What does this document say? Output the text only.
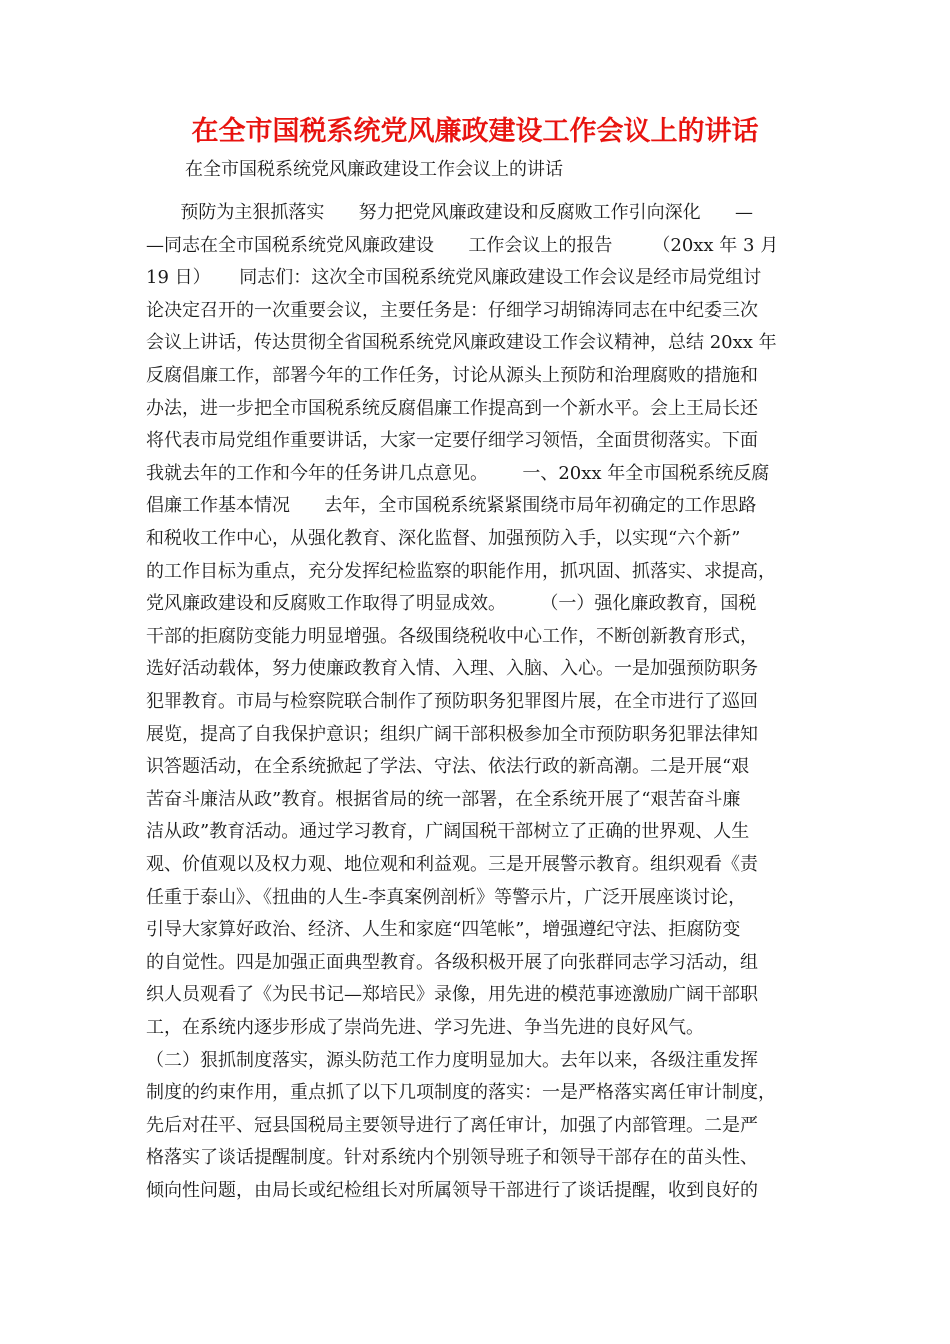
在全市国税系统党风廉政建设工作会议上的讲话
在全市国税系统党风廉政建设工作会议上的讲话
预防为主狠抓落实      努力把党风廉政建设和反腐败工作引向深化      —
—同志在全市国税系统党风廉政建设      工作会议上的报告       （20xx 年 3 月
19 日）     同志们：这次全市国税系统党风廉政建设工作会议是经市局党组讨
论决定召开的一次重要会议，主要任务是：仔细学习胡锦涛同志在中纪委三次
会议上讲话，传达贯彻全省国税系统党风廉政建设工作会议精神，总结 20xx 年
反腐倡廉工作，部署今年的工作任务，讨论从源头上预防和治理腐败的措施和
办法，进一步把全市国税系统反腐倡廉工作提高到一个新水平。会上王局长还
将代表市局党组作重要讲话，大家一定要仔细学习领悟，全面贯彻落实。下面
我就去年的工作和今年的任务讲几点意见。      一、20xx 年全市国税系统反腐
倡廉工作基本情况      去年，全市国税系统紧紧围绕市局年初确定的工作思路
和税收工作中心，从强化教育、深化监督、加强预防入手，以实现“六个新”
的工作目标为重点，充分发挥纪检监察的职能作用，抓巩固、抓落实、求提高，
党风廉政建设和反腐败工作取得了明显成效。      （一）强化廉政教育，国税
干部的拒腐防变能力明显增强。各级围绕税收中心工作，不断创新教育形式，
选好活动载体，努力使廉政教育入情、入理、入脑、入心。一是加强预防职务
犯罪教育。市局与检察院联合制作了预防职务犯罪图片展，在全市进行了巡回
展览，提高了自我保护意识；组织广阔干部积极参加全市预防职务犯罪法律知
识答题活动，在全系统掀起了学法、守法、依法行政的新高潮。二是开展“艰
苦奋斗廉洁从政”教育。根据省局的统一部署，在全系统开展了“艰苦奋斗廉
洁从政”教育活动。通过学习教育，广阔国税干部树立了正确的世界观、人生
观、价值观以及权力观、地位观和利益观。三是开展警示教育。组织观看《责
任重于泰山》、《扭曲的人生-李真案例剖析》等警示片，广泛开展座谈讨论，
引导大家算好政治、经济、人生和家庭“四笔帐”，增强遵纪守法、拒腐防变
的自觉性。四是加强正面典型教育。各级积极开展了向张群同志学习活动，组
织人员观看了《为民书记—郑培民》录像，用先进的模范事迹激励广阔干部职
工，在系统内逐步形成了崇尚先进、学习先进、争当先进的良好风气。
（二）狠抓制度落实，源头防范工作力度明显加大。去年以来，各级注重发挥
制度的约束作用，重点抓了以下几项制度的落实：一是严格落实离任审计制度，
先后对茌平、冠县国税局主要领导进行了离任审计，加强了内部管理。二是严
格落实了谈话提醒制度。针对系统内个别领导班子和领导干部存在的苗头性、
倾向性问题，由局长或纪检组长对所属领导干部进行了谈话提醒，收到良好的
